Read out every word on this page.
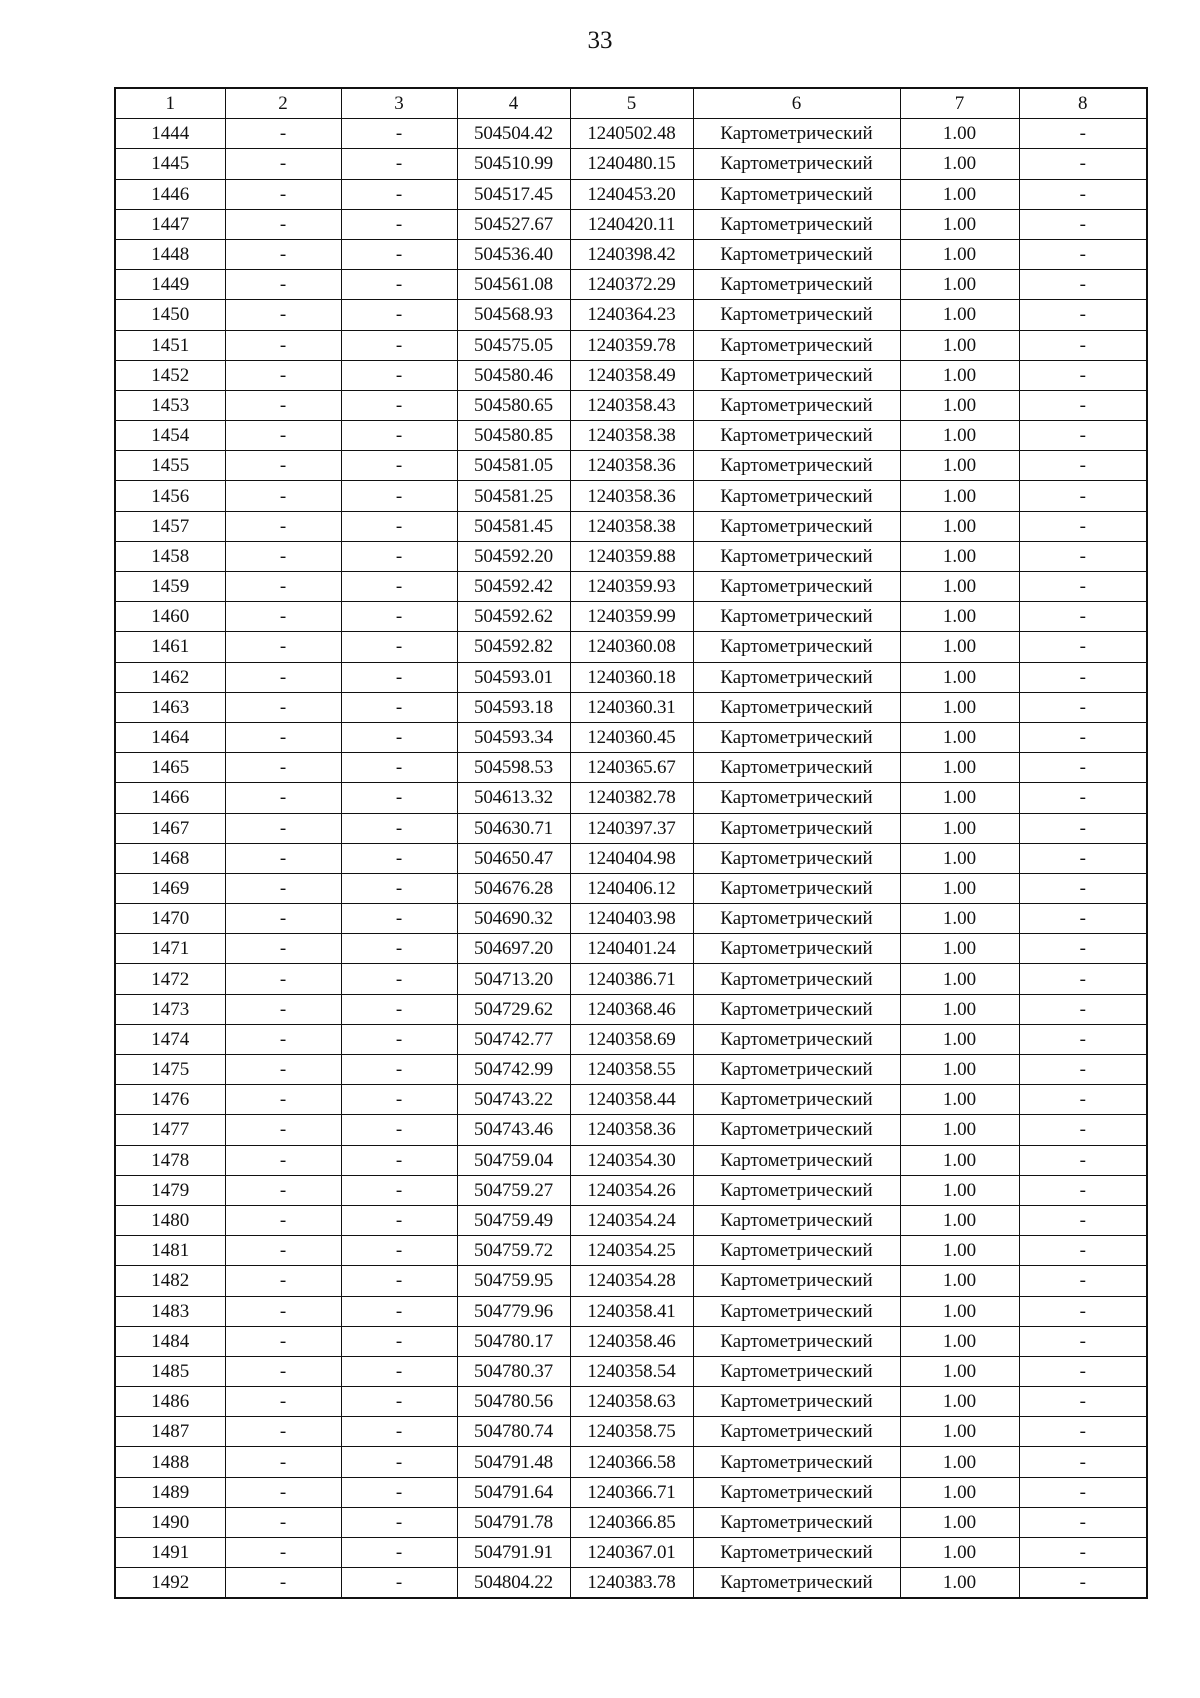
33
1	2	3	4	5	6	7	8
1444	-	-	504504.42	1240502.48	Картометрический	1.00	-
1445	-	-	504510.99	1240480.15	Картометрический	1.00	-
1446	-	-	504517.45	1240453.20	Картометрический	1.00	-
1447	-	-	504527.67	1240420.11	Картометрический	1.00	-
1448	-	-	504536.40	1240398.42	Картометрический	1.00	-
1449	-	-	504561.08	1240372.29	Картометрический	1.00	-
1450	-	-	504568.93	1240364.23	Картометрический	1.00	-
1451	-	-	504575.05	1240359.78	Картометрический	1.00	-
1452	-	-	504580.46	1240358.49	Картометрический	1.00	-
1453	-	-	504580.65	1240358.43	Картометрический	1.00	-
1454	-	-	504580.85	1240358.38	Картометрический	1.00	-
1455	-	-	504581.05	1240358.36	Картометрический	1.00	-
1456	-	-	504581.25	1240358.36	Картометрический	1.00	-
1457	-	-	504581.45	1240358.38	Картометрический	1.00	-
1458	-	-	504592.20	1240359.88	Картометрический	1.00	-
1459	-	-	504592.42	1240359.93	Картометрический	1.00	-
1460	-	-	504592.62	1240359.99	Картометрический	1.00	-
1461	-	-	504592.82	1240360.08	Картометрический	1.00	-
1462	-	-	504593.01	1240360.18	Картометрический	1.00	-
1463	-	-	504593.18	1240360.31	Картометрический	1.00	-
1464	-	-	504593.34	1240360.45	Картометрический	1.00	-
1465	-	-	504598.53	1240365.67	Картометрический	1.00	-
1466	-	-	504613.32	1240382.78	Картометрический	1.00	-
1467	-	-	504630.71	1240397.37	Картометрический	1.00	-
1468	-	-	504650.47	1240404.98	Картометрический	1.00	-
1469	-	-	504676.28	1240406.12	Картометрический	1.00	-
1470	-	-	504690.32	1240403.98	Картометрический	1.00	-
1471	-	-	504697.20	1240401.24	Картометрический	1.00	-
1472	-	-	504713.20	1240386.71	Картометрический	1.00	-
1473	-	-	504729.62	1240368.46	Картометрический	1.00	-
1474	-	-	504742.77	1240358.69	Картометрический	1.00	-
1475	-	-	504742.99	1240358.55	Картометрический	1.00	-
1476	-	-	504743.22	1240358.44	Картометрический	1.00	-
1477	-	-	504743.46	1240358.36	Картометрический	1.00	-
1478	-	-	504759.04	1240354.30	Картометрический	1.00	-
1479	-	-	504759.27	1240354.26	Картометрический	1.00	-
1480	-	-	504759.49	1240354.24	Картометрический	1.00	-
1481	-	-	504759.72	1240354.25	Картометрический	1.00	-
1482	-	-	504759.95	1240354.28	Картометрический	1.00	-
1483	-	-	504779.96	1240358.41	Картометрический	1.00	-
1484	-	-	504780.17	1240358.46	Картометрический	1.00	-
1485	-	-	504780.37	1240358.54	Картометрический	1.00	-
1486	-	-	504780.56	1240358.63	Картометрический	1.00	-
1487	-	-	504780.74	1240358.75	Картометрический	1.00	-
1488	-	-	504791.48	1240366.58	Картометрический	1.00	-
1489	-	-	504791.64	1240366.71	Картометрический	1.00	-
1490	-	-	504791.78	1240366.85	Картометрический	1.00	-
1491	-	-	504791.91	1240367.01	Картометрический	1.00	-
1492	-	-	504804.22	1240383.78	Картометрический	1.00	-
